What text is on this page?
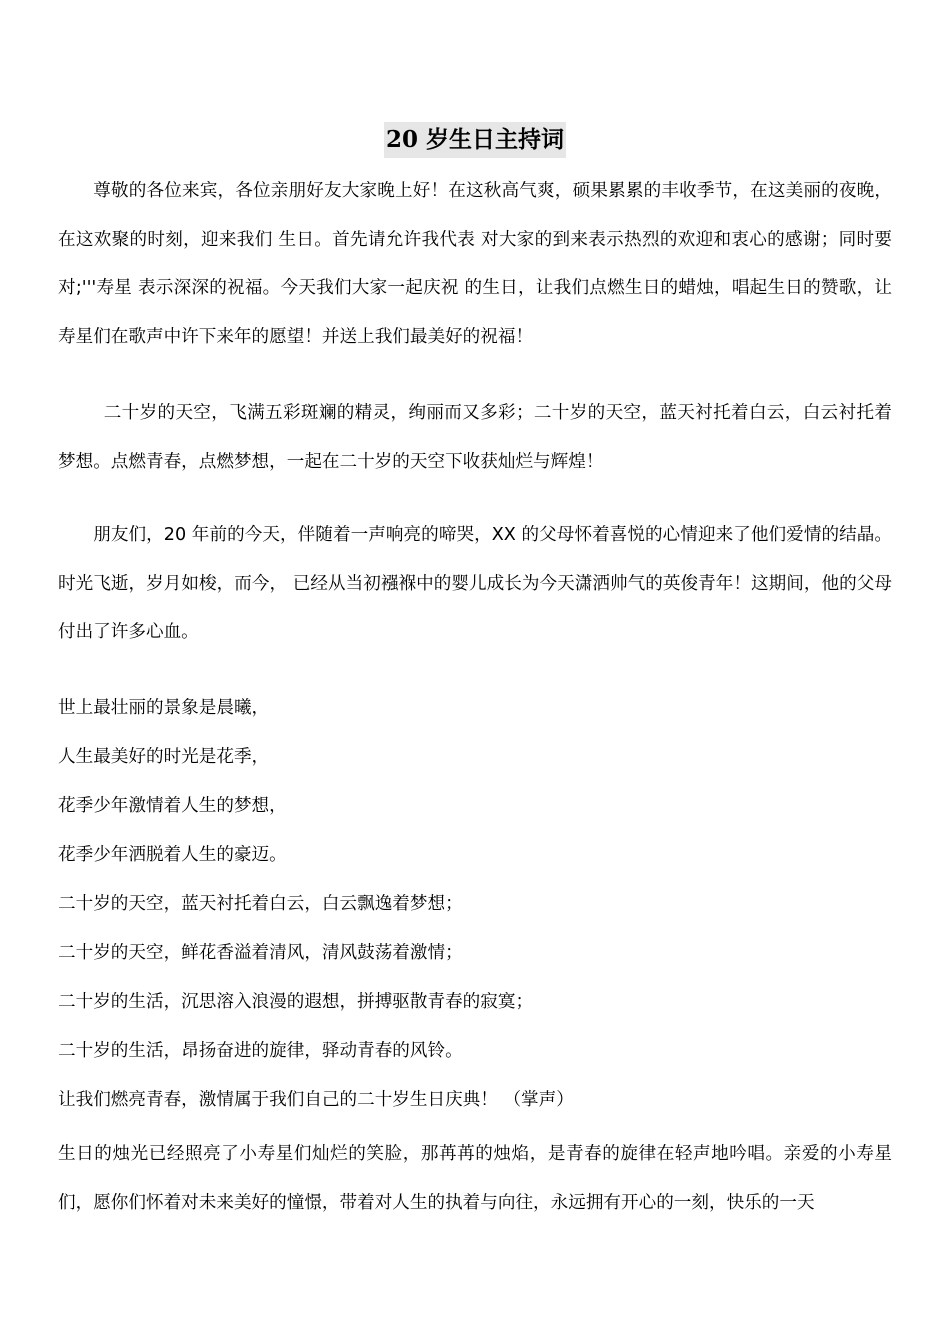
20 岁生日主持词

尊敬的各位来宾，各位亲朋好友大家晚上好！在这秋高气爽，硕果累累的丰收季节，在这美丽的夜晚，在这欢聚的时刻，迎来我们 生日。首先请允许我代表 对大家的到来表示热烈的欢迎和衷心的感谢；同时要对;'''寿星 表示深深的祝福。今天我们大家一起庆祝 的生日，让我们点燃生日的蜡烛，唱起生日的赞歌，让寿星们在歌声中许下来年的愿望！并送上我们最美好的祝福！

二十岁的天空，飞满五彩斑斓的精灵，绚丽而又多彩；二十岁的天空，蓝天衬托着白云，白云衬托着梦想。点燃青春，点燃梦想，一起在二十岁的天空下收获灿烂与辉煌！

朋友们，20 年前的今天，伴随着一声响亮的啼哭，XX 的父母怀着喜悦的心情迎来了他们爱情的结晶。时光飞逝，岁月如梭，而今， 已经从当初襁褓中的婴儿成长为今天潇洒帅气的英俊青年！这期间，他的父母付出了许多心血。

世上最壮丽的景象是晨曦，
人生最美好的时光是花季，
花季少年激情着人生的梦想，
花季少年洒脱着人生的豪迈。
二十岁的天空，蓝天衬托着白云，白云飘逸着梦想；
二十岁的天空，鲜花香溢着清风，清风鼓荡着激情；
二十岁的生活，沉思溶入浪漫的遐想，拼搏驱散青春的寂寞；
二十岁的生活，昂扬奋进的旋律，驿动青春的风铃。
让我们燃亮青春，激情属于我们自己的二十岁生日庆典！ （掌声）

生日的烛光已经照亮了小寿星们灿烂的笑脸，那苒苒的烛焰，是青春的旋律在轻声地吟唱。亲爱的小寿星们，愿你们怀着对未来美好的憧憬，带着对人生的执着与向往，永远拥有开心的一刻，快乐的一天
